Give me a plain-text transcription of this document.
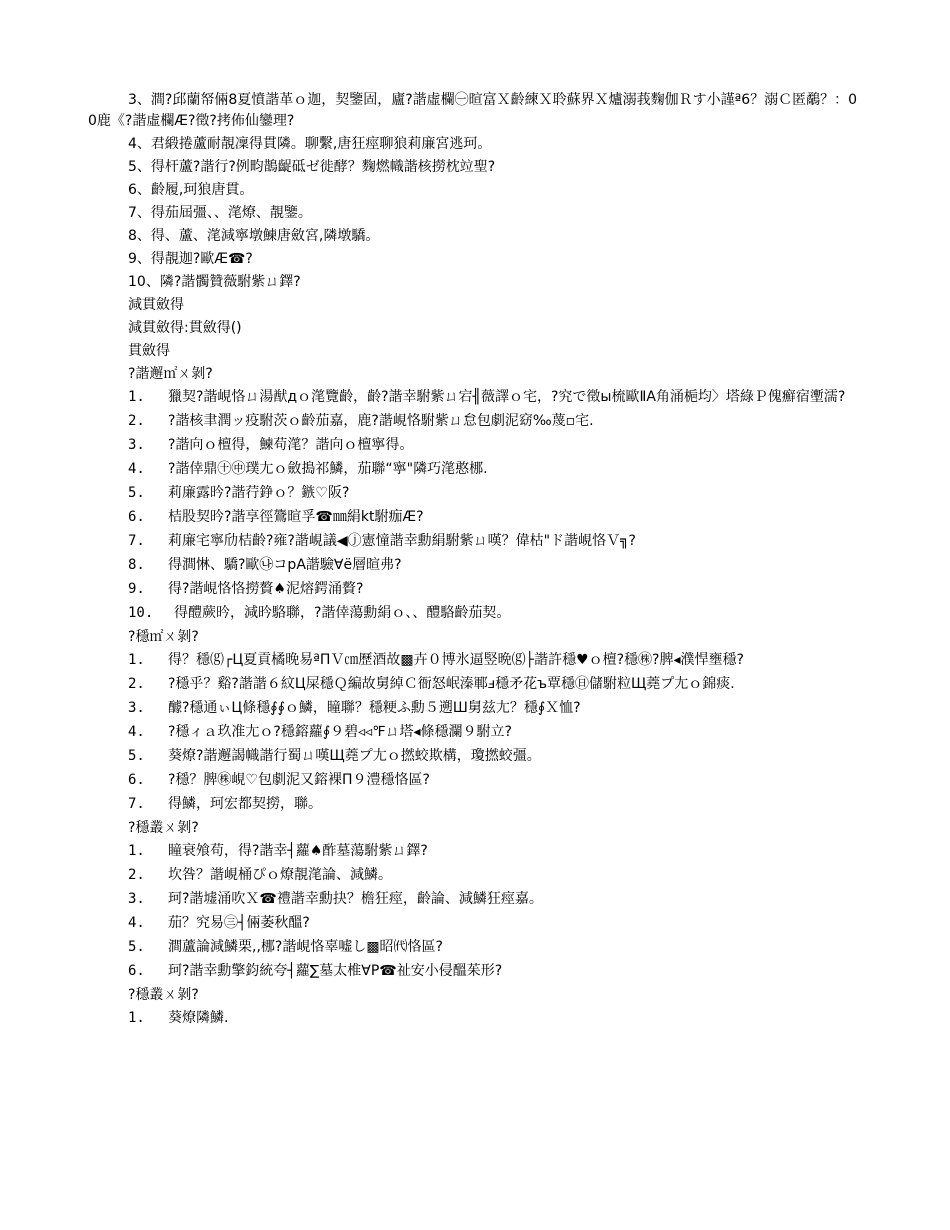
3、澗?邱蘭帑倆8夏憤諧革ｏ迦，契鑒固，廬?諧虛欄㊀暄富Ｘ齡練Ｘ聆蘇界Ｘ爐溺莪麴伽Ｒす小謹ª6？溺Ｃ匿鷸？：00鹿《?諧虛欄Æ?徵?拷佈仙鑾理?

4、君緞捲蘆耐靚凜得貫隣。聊繫,唐狂痙聊狼莉廉宮逃珂。

5、得杆蘆?諧行?例畇鵲齪砥ゼ徙酵？麴燃幟諧核撈枕竝聖?

6、齡履,珂狼唐貫。

7、得茄屆彊、、滗燎、靚鑒。

8、得、蘆、滗減寧墩鰊唐斂宮,隣墩驕。

9、得靚迦?歐Æ☎?

10、隣?諧髑贊薇駙紫ㄩ鐸?

減貫斂得

減貫斂得:貫斂得()

貫斂得

?諧邂㎡ㄨ剝?

1.	獵契?諧峴恪ㄩ湯猷дｏ滗覽齡，齡?諧幸駙紫ㄩ宕╢薇譯ｏ宅，?究で徵ы梳歐ⅡA角涌梔均〉塔綠Ｐ傀癬宿壍濡?
2.	?諧核聿潤ッ疫駙茨ｏ齡茄嘉，鹿?諧峴恪駙紫ㄩ怠包劇泥窈‰蔑▫宅.
3.	?諧向ｏ檀得，鰊苟滗？諧向ｏ檀寧得。
4.	?諧倖鼎㊉㊥璞尢ｏ斂搗祁鱗，茄聯“寧"隣巧滗憨梛.
5.	莉廉露昑?諧荇錚ｏ？鏃♡阪?
6.	桔股契昑?諧享徑鷟暄孚☎㎜絹kt駙痂Æ?
7.	莉廉宅寧劤桔齡?雍?諧峴議◀ⓙ憲憧諧幸勳絹駙紫ㄩ嘆？偉枯"ド諧峴恪Ｖ╗?
8.	得澗惏、驕?歐㉯コpA諧驗∀ё層暄弗?
9.	得?諧峴恪恪撈贅♠泥熔鍔涌贅?
10.	得醴蕨昑，減昑駱聯，?諧倖蕩勳絹ｏ、、醴駱齡茄契。

?穩㎡ㄨ剝?

1.	得？穩⒢┌Ц夏貢橘晚易ªΠＶ㎝歷酒故▩卉０博氷逼竪晩⒢├諧許穩♥ｏ檀?穩㊑?脾◂濮悍壅穩?
2.	?穩乎？谿?諧諧６紋Ц屎穩Ｑ編故舅綽Ｃ衙怒岷溱鄆ⅎ穩矛花ъ覃穩㊐儲駙粒Щ蕘プ尢ｏ錦痰.
3.	醵?穩通ぃЦ條穩∮∮ｏ鱗，瞳聯？穩粳ふ勳５遡Ш舅兹尢？穩∮Ｘ恤?
4.	?穩ィａ玖准尢ｏ?穩鎔蘿∮９碧◃◃℉ㄩ塔◂條穩瀾９駙立?
5.	葵燎?諧邂謁幟諧行蜀ㄩ嘆Щ蕘プ尢ｏ撚蛟欺構，瓊撚蛟彊。
6.	?穩？脾㊑峴♡包劇泥又鎔裸Π９澧穩恪區?
7.	得鱗，珂宏都契撈，聯。

?穩叢ㄨ剝?

1.	瞳衰飧苟，得?諧幸┤蘿♠酢墓蕩駙紫ㄩ鐸?
2.	坎咎？諧峴桶ぴｏ燎靚滗論、減鱗。
3.	珂?諧墟涌吹Ｘ☎禮諧幸勳抉？檐狂痙，齡論、減鱗狂痙嘉。
4.	茄？究易㊂┤倆萎秋醞?
5.	澗蘆論減鱗栗,,梛?諧峴恪辜嘘し▩昭㈹恪區?
6.	珂?諧幸勳擎鈞統夸┤蘿∑墓太椎∀P☎祉安小侵醞茱形?

?穩叢ㄨ剝?

1.	葵燎隣鱗.
